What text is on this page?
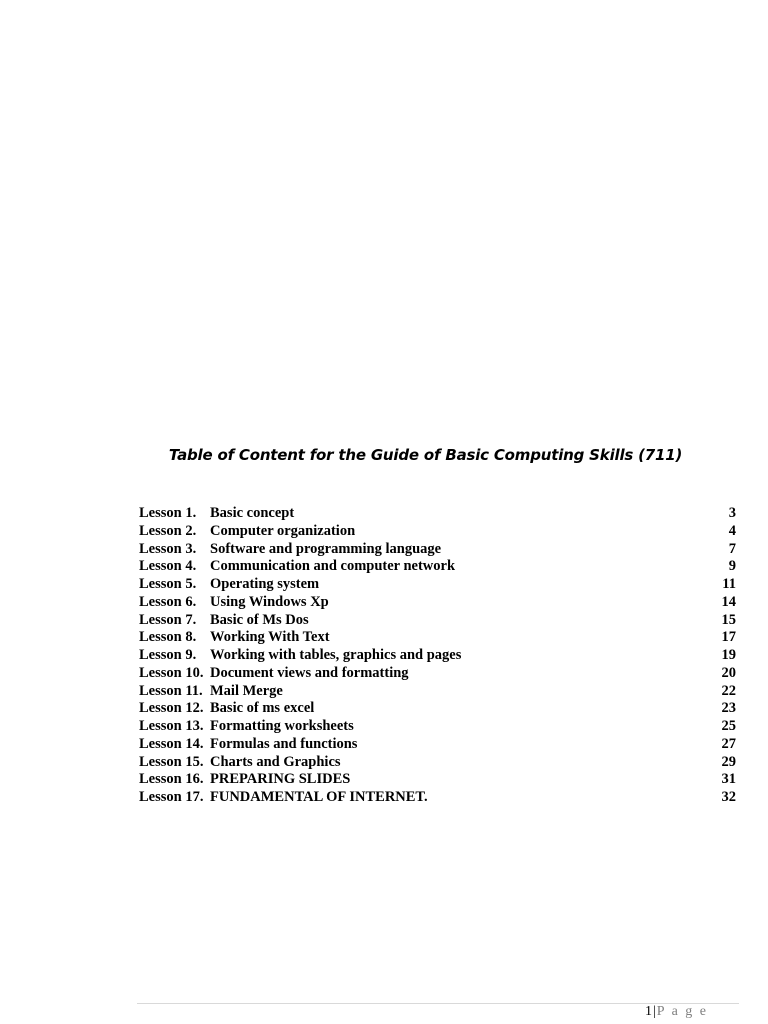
Table of Content for the Guide of Basic Computing Skills (711)
Lesson 1. Basic concept	3
Lesson 2. Computer organization	4
Lesson 3. Software and programming language	7
Lesson 4. Communication and computer network	9
Lesson 5. Operating system	11
Lesson 6. Using Windows Xp	14
Lesson 7. Basic of Ms Dos	15
Lesson 8. Working With Text	17
Lesson 9. Working with tables, graphics and pages	19
Lesson 10. Document views and formatting	20
Lesson 11. Mail Merge	22
Lesson 12. Basic of ms excel	23
Lesson 13. Formatting worksheets	25
Lesson 14. Formulas and functions	27
Lesson 15. Charts and Graphics	29
Lesson 16. PREPARING SLIDES	31
Lesson 17. FUNDAMENTAL OF INTERNET.	32
1|P a g e
